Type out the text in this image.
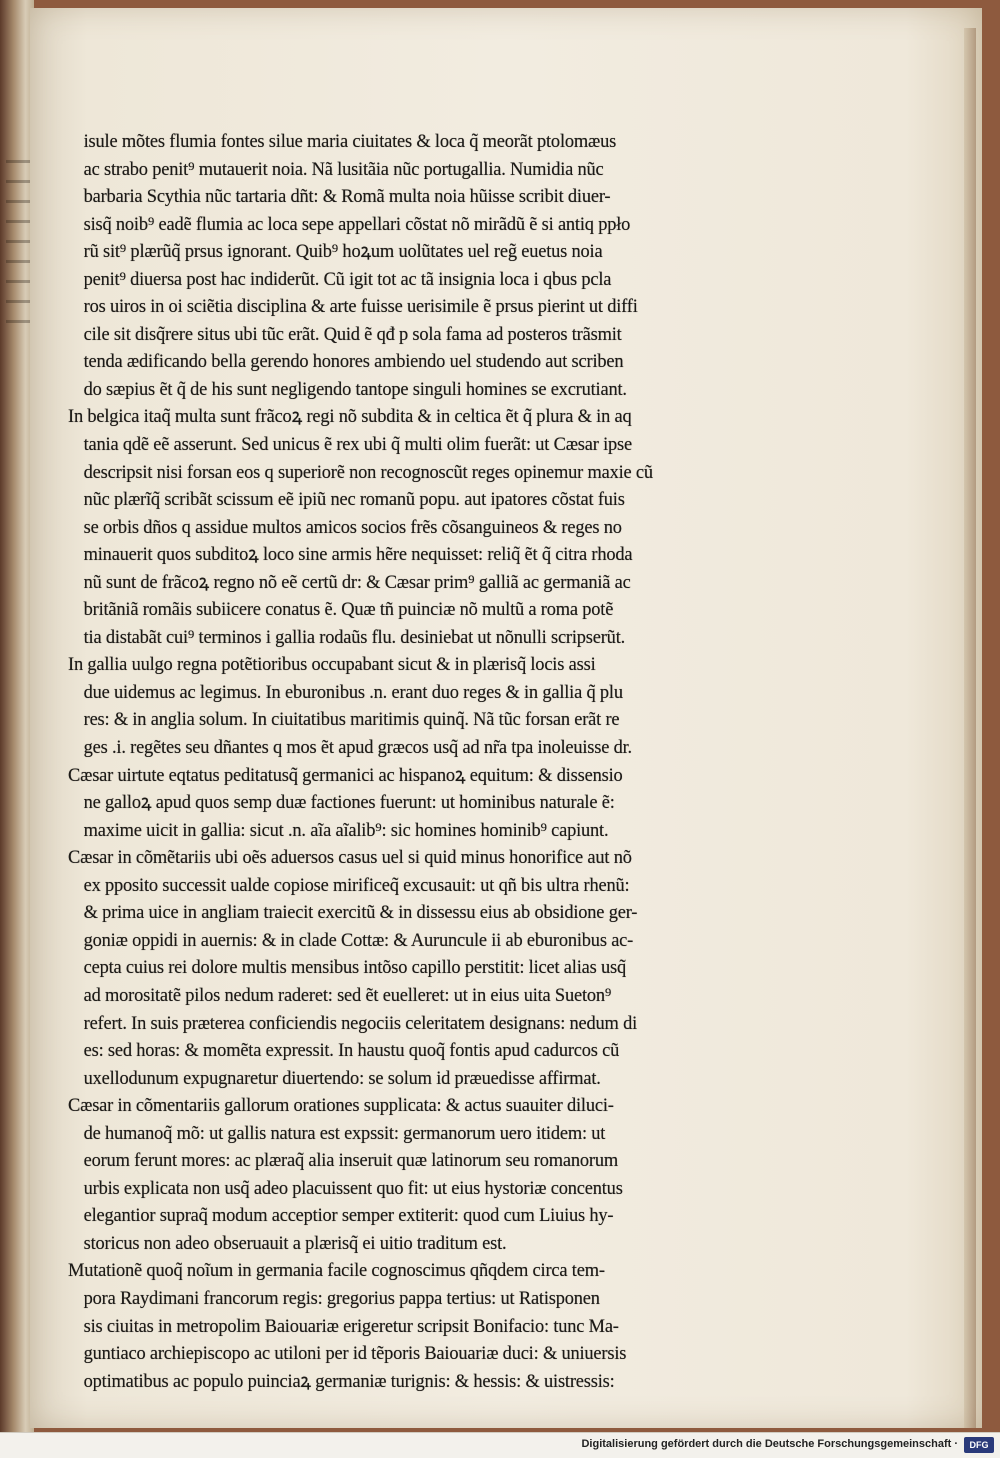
isule mõtes flumia fontes silue maria ciuitates & loca q̃ meorãt ptolomæus
ac strabo penit⁹ mutauerit noia. Nã lusitãia nũc portugallia. Numidia nũc
barbaria Scythia nũc tartaria dñt: & Romã multa noia hũisse scribit diuer-
sisq̃ noib⁹ eadẽ flumia ac loca sepe appellari cõstat nõ mirãdũ ẽ si antiq ppło
rũ sit⁹ plærũq̃ prsus ignorant. Quib⁹ hoꝝum uolũtates uel reg̃ euetus noia
penit⁹ diuersa post hac indiderũt. Cũ igit tot ac tã insignia loca i qbus pcla
ros uiros in oi sciẽtia disciplina & arte fuisse uerisimile ẽ prsus pierint ut diffi
cile sit disq̃rere situs ubi tũc erãt. Quid ẽ qđ p sola fama ad posteros trãsmit
tenda ædificando bella gerendo honores ambiendo uel studendo aut scriben
do sæpius ẽt q̃ de his sunt negligendo tantope singuli homines se excrutiant.
In belgica itaq̃ multa sunt frãcoꝝ regi nõ subdita & in celtica ẽt q̃ plura & in aq
tania qdẽ eẽ asserunt. Sed unicus ẽ rex ubi q̃ multi olim fuerãt: ut Cæsar ipse
descripsit nisi forsan eos q superiorẽ non recognoscũt reges opinemur maxie cũ
nũc plærĩq̃ scribãt scissum eẽ ipiũ nec romanũ popu. aut ipatores cõstat fuis
se orbis dños q assidue multos amicos socios frẽs cõsanguineos & reges no
minauerit quos subditoꝝ loco sine armis hẽre nequisset: reliq̃ ẽt q̃ citra rhoda
nũ sunt de frãcoꝝ regno nõ eẽ certũ dr: & Cæsar prim⁹ galliã ac germaniã ac
britãniã romãis subiicere conatus ẽ. Quæ tñ puinciæ nõ multũ a roma potẽ
tia distabãt cui⁹ terminos i gallia rodaũs flu. desiniebat ut nõnulli scripserũt.
In gallia uulgo regna potẽtioribus occupabant sicut & in plærisq̃ locis assi
due uidemus ac legimus. In eburonibus .n. erant duo reges & in gallia q̃ plu
res: & in anglia solum. In ciuitatibus maritimis quinq̃. Nã tũc forsan erãt re
ges .i. regẽtes seu dñantes q mos ẽt apud græcos usq̃ ad nr̃a tpa inoleuisse dr.
Cæsar uirtute eqtatus peditatusq̃ germanici ac hispanoꝝ equitum: & dissensio
ne galloꝝ apud quos semp duæ factiones fuerunt: ut hominibus naturale ẽ:
maxime uicit in gallia: sicut .n. aĩa aĩalib⁹: sic homines hominib⁹ capiunt.
Cæsar in cõmẽtariis ubi oẽs aduersos casus uel si quid minus honorifice aut nõ
ex pposito successit ualde copiose mirificeq̃ excusauit: ut qñ bis ultra rhenũ:
& prima uice in angliam traiecit exercitũ & in dissessu eius ab obsidione ger-
goniæ oppidi in auernis: & in clade Cottæ: & Auruncule ii ab eburonibus ac-
cepta cuius rei dolore multis mensibus intõso capillo perstitit: licet alias usq̃
ad morositatẽ pilos nedum raderet: sed ẽt euelleret: ut in eius uita Sueton⁹
refert. In suis præterea conficiendis negociis celeritatem designans: nedum di
es: sed horas: & momẽta expressit. In haustu quoq̃ fontis apud cadurcos cũ
uxellodunum expugnaretur diuertendo: se solum id præuedisse affirmat.
Cæsar in cõmentariis gallorum orationes supplicata: & actus suauiter diluci-
de humanoq̃ mõ: ut gallis natura est expssit: germanorum uero itidem: ut
eorum ferunt mores: ac plæraq̃ alia inseruit quæ latinorum seu romanorum
urbis explicata non usq̃ adeo placuissent quo fit: ut eius hystoriæ concentus
elegantior supraq̃ modum acceptior semper extiterit: quod cum Liuius hy-
storicus non adeo obseruauit a plærisq̃ ei uitio traditum est.
Mutationẽ quoq̃ noĩum in germania facile cognoscimus qñqdem circa tem-
pora Raydimani francorum regis: gregorius pappa tertius: ut Ratisponen
sis ciuitas in metropolim Baiouariæ erigeretur scripsit Bonifacio: tunc Ma-
guntiaco archiepiscopo ac utiloni per id tẽporis Baiouariæ duci: & uniuersis
optimatibus ac populo puinciaꝝ germaniæ turignis: & hessis: & uistressis:
Digitalisierung gefördert durch die Deutsche Forschungsgemeinschaft ·	DFG
